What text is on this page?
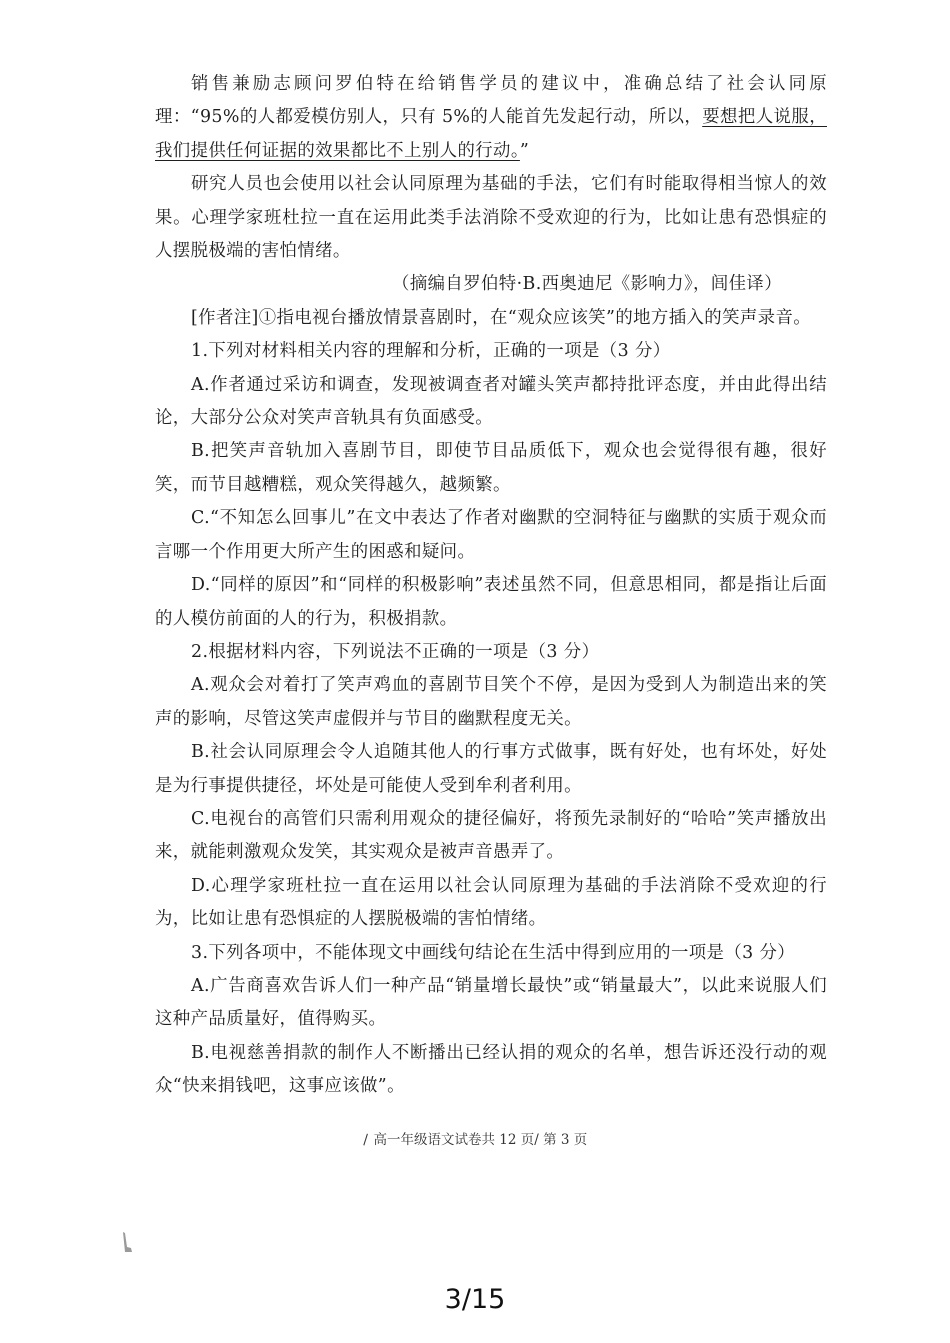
销售兼励志顾问罗伯特在给销售学员的建议中，准确总结了社会认同原理：“95%的人都爱模仿别人，只有 5%的人能首先发起行动，所以，要想把人说服，我们提供任何证据的效果都比不上别人的行动。”

研究人员也会使用以社会认同原理为基础的手法，它们有时能取得相当惊人的效果。心理学家班杜拉一直在运用此类手法消除不受欢迎的行为，比如让患有恐惧症的人摆脱极端的害怕情绪。

（摘编自罗伯特·B.西奥迪尼《影响力》，闾佳译）

[作者注]①指电视台播放情景喜剧时，在“观众应该笑”的地方插入的笑声录音。

1.下列对材料相关内容的理解和分析，正确的一项是（3 分）

A.作者通过采访和调查，发现被调查者对罐头笑声都持批评态度，并由此得出结论，大部分公众对笑声音轨具有负面感受。

B.把笑声音轨加入喜剧节目，即使节目品质低下，观众也会觉得很有趣，很好笑，而节目越糟糕，观众笑得越久，越频繁。

C.“不知怎么回事儿”在文中表达了作者对幽默的空洞特征与幽默的实质于观众而言哪一个作用更大所产生的困惑和疑问。

D.“同样的原因”和“同样的积极影响”表述虽然不同，但意思相同，都是指让后面的人模仿前面的人的行为，积极捐款。

2.根据材料内容，下列说法不正确的一项是（3 分）

A.观众会对着打了笑声鸡血的喜剧节目笑个不停，是因为受到人为制造出来的笑声的影响，尽管这笑声虚假并与节目的幽默程度无关。

B.社会认同原理会令人追随其他人的行事方式做事，既有好处，也有坏处，好处是为行事提供捷径，坏处是可能使人受到牟利者利用。

C.电视台的高管们只需利用观众的捷径偏好，将预先录制好的“哈哈”笑声播放出来，就能刺激观众发笑，其实观众是被声音愚弄了。

D.心理学家班杜拉一直在运用以社会认同原理为基础的手法消除不受欢迎的行为，比如让患有恐惧症的人摆脱极端的害怕情绪。

3.下列各项中，不能体现文中画线句结论在生活中得到应用的一项是（3 分）

A.广告商喜欢告诉人们一种产品“销量增长最快”或“销量最大”，以此来说服人们这种产品质量好，值得购买。

B.电视慈善捐款的制作人不断播出已经认捐的观众的名单，想告诉还没行动的观众“快来捐钱吧，这事应该做”。

\ 高一年级语文试卷共 12 页/ 第 3 页
3/15
